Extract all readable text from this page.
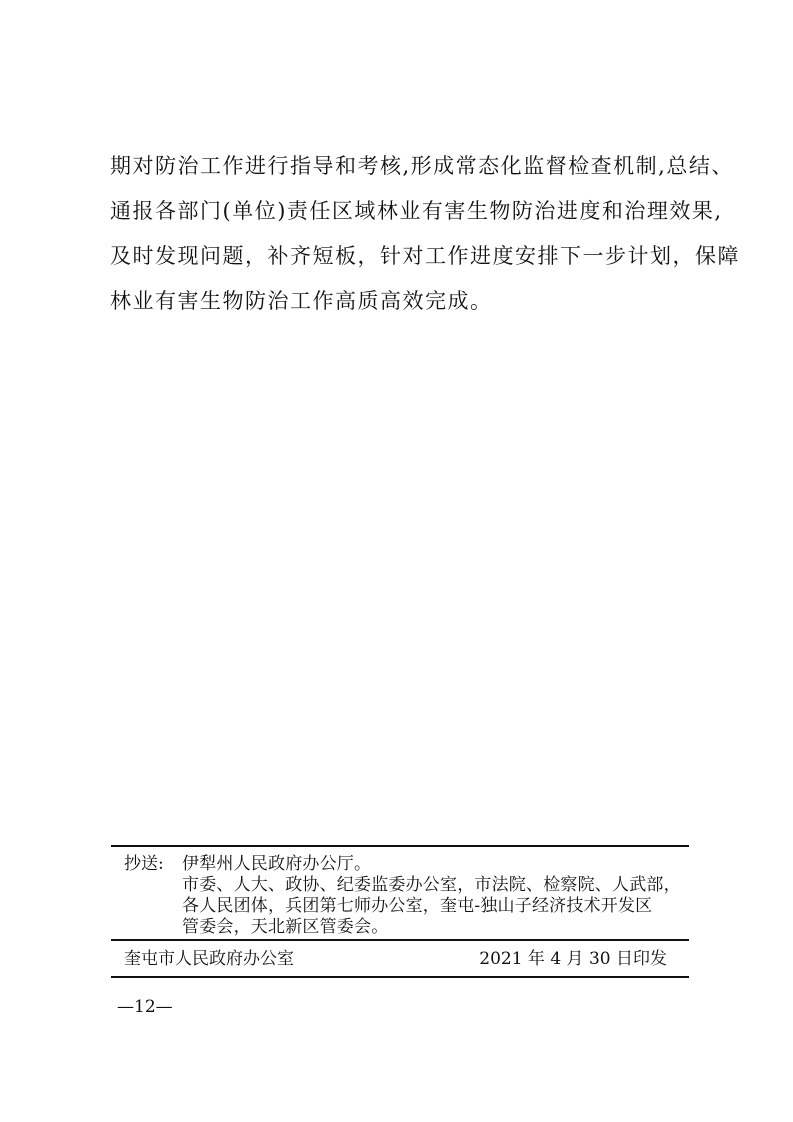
期对防治工作进行指导和考核,形成常态化监督检查机制,总结、
通报各部门(单位)责任区域林业有害生物防治进度和治理效果,
及时发现问题，补齐短板，针对工作进度安排下一步计划，保障
林业有害生物防治工作高质高效完成。
抄送:	伊犁州人民政府办公厅。
市委、人大、政协、纪委监委办公室，市法院、检察院、人武部，
各人民团体，兵团第七师办公室，奎屯-独山子经济技术开发区
管委会，天北新区管委会。
奎屯市人民政府办公室	2021 年 4 月 30 日印发
—12—
